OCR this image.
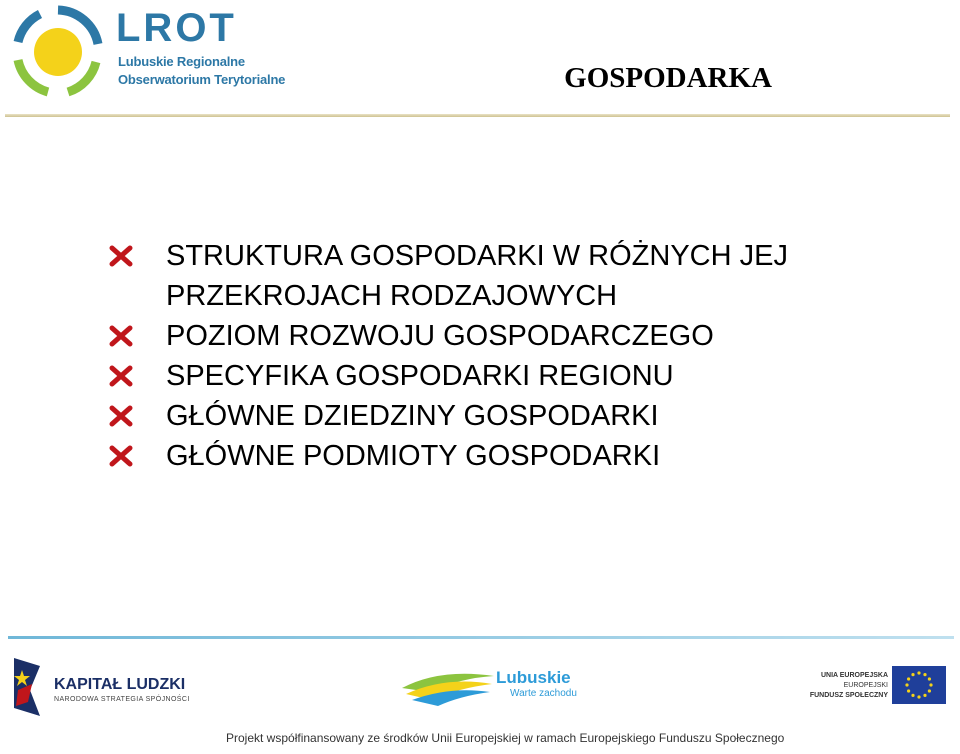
LROT
Lubuskie Regionalne
Obserwatorium Terytorialne	GOSPODARKA
STRUKTURA GOSPODARKI W RÓŻNYCH JEJ PRZEKROJACH RODZAJOWYCH
POZIOM ROZWOJU GOSPODARCZEGO
SPECYFIKA GOSPODARKI REGIONU
GŁÓWNE DZIEDZINY GOSPODARKI
GŁÓWNE PODMIOTY GOSPODARKI
KAPITAŁ LUDZKI
NARODOWA STRATEGIA SPÓJNOŚCI
Lubuskie
Warte zachodu
UNIA EUROPEJSKA
EUROPEJSKI
FUNDUSZ SPOŁECZNY
Projekt współfinansowany ze środków Unii Europejskiej w ramach Europejskiego Funduszu Społecznego
